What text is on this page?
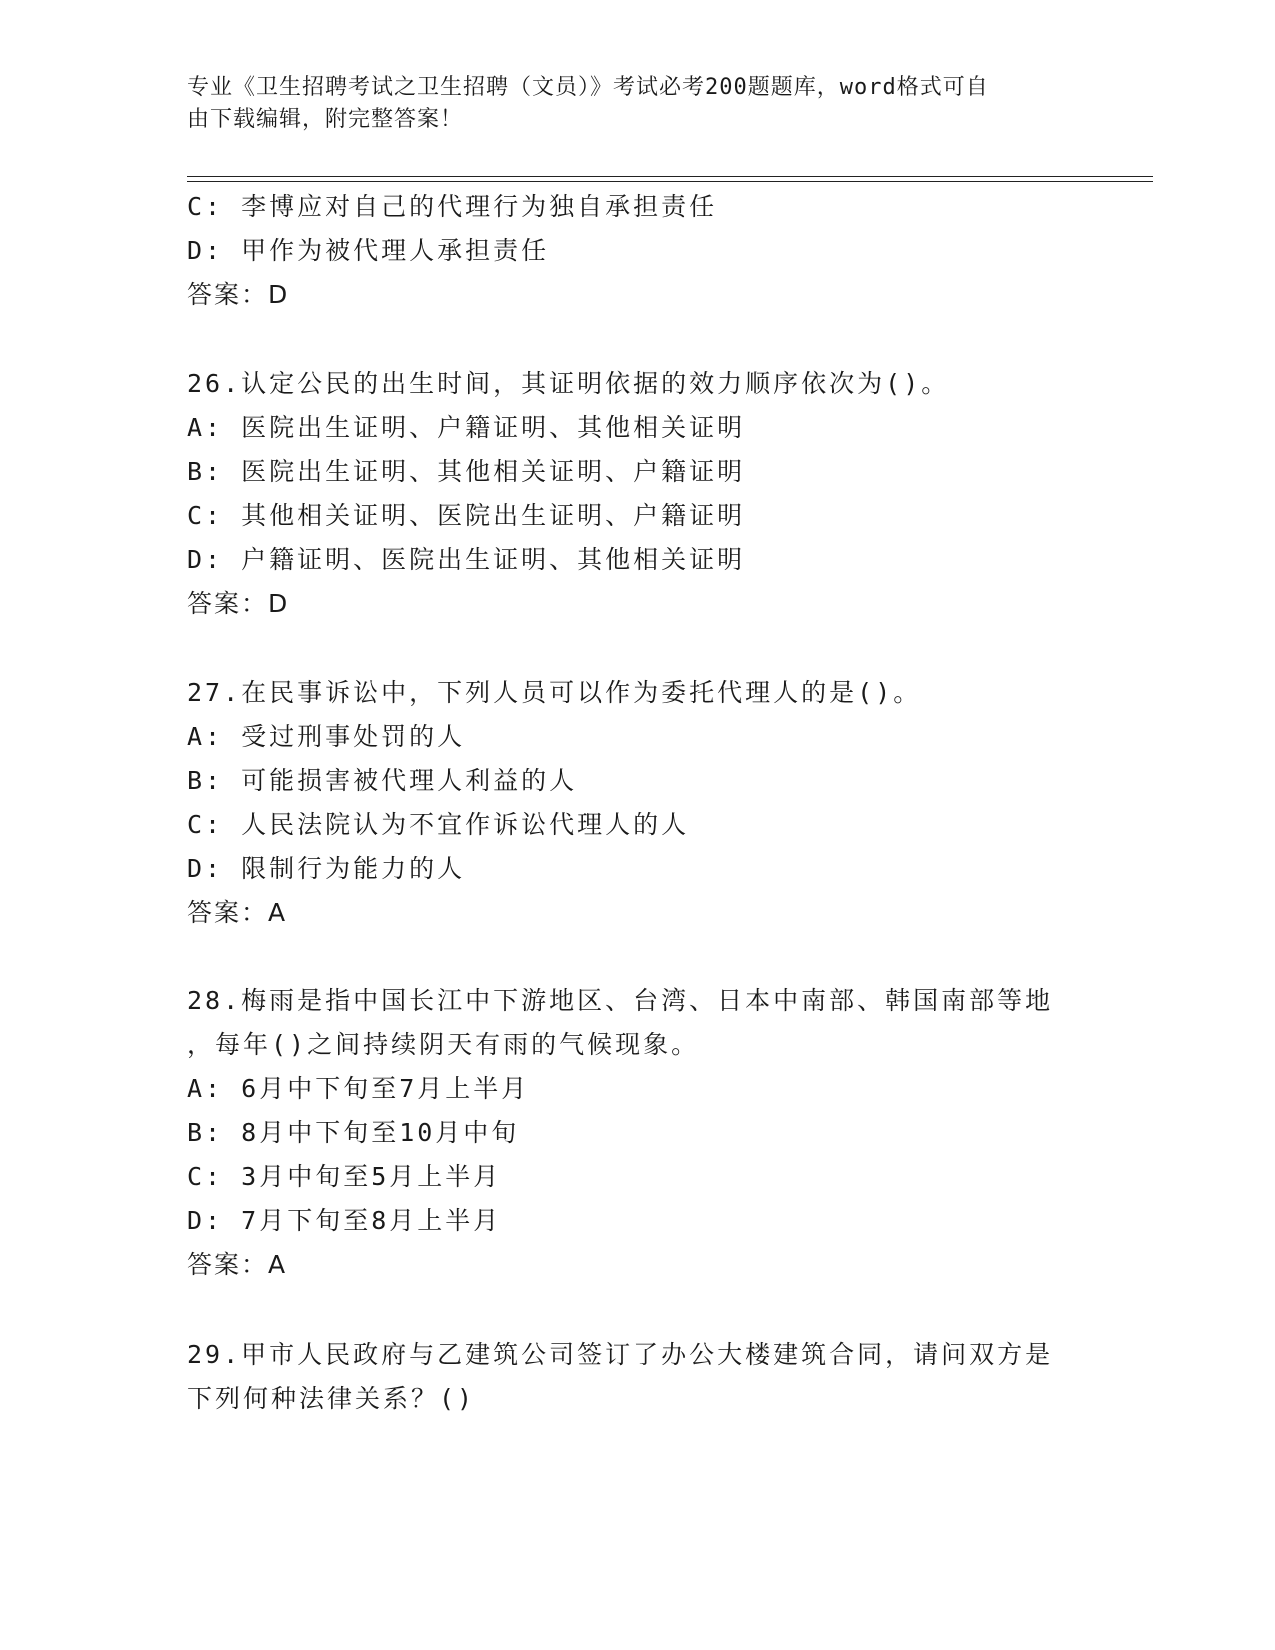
专业《卫生招聘考试之卫生招聘（文员）》考试必考200题题库，word格式可自
由下载编辑，附完整答案！
C: 李博应对自己的代理行为独自承担责任
D: 甲作为被代理人承担责任
答案：D
26.认定公民的出生时间，其证明依据的效力顺序依次为()。
A: 医院出生证明、户籍证明、其他相关证明
B: 医院出生证明、其他相关证明、户籍证明
C: 其他相关证明、医院出生证明、户籍证明
D: 户籍证明、医院出生证明、其他相关证明
答案：D
27.在民事诉讼中，下列人员可以作为委托代理人的是()。
A: 受过刑事处罚的人
B: 可能损害被代理人利益的人
C: 人民法院认为不宜作诉讼代理人的人
D: 限制行为能力的人
答案：A
28.梅雨是指中国长江中下游地区、台湾、日本中南部、韩国南部等地
，每年()之间持续阴天有雨的气候现象。
A: 6月中下旬至7月上半月
B: 8月中下旬至10月中旬
C: 3月中旬至5月上半月
D: 7月下旬至8月上半月
答案：A
29.甲市人民政府与乙建筑公司签订了办公大楼建筑合同，请问双方是
下列何种法律关系？()
